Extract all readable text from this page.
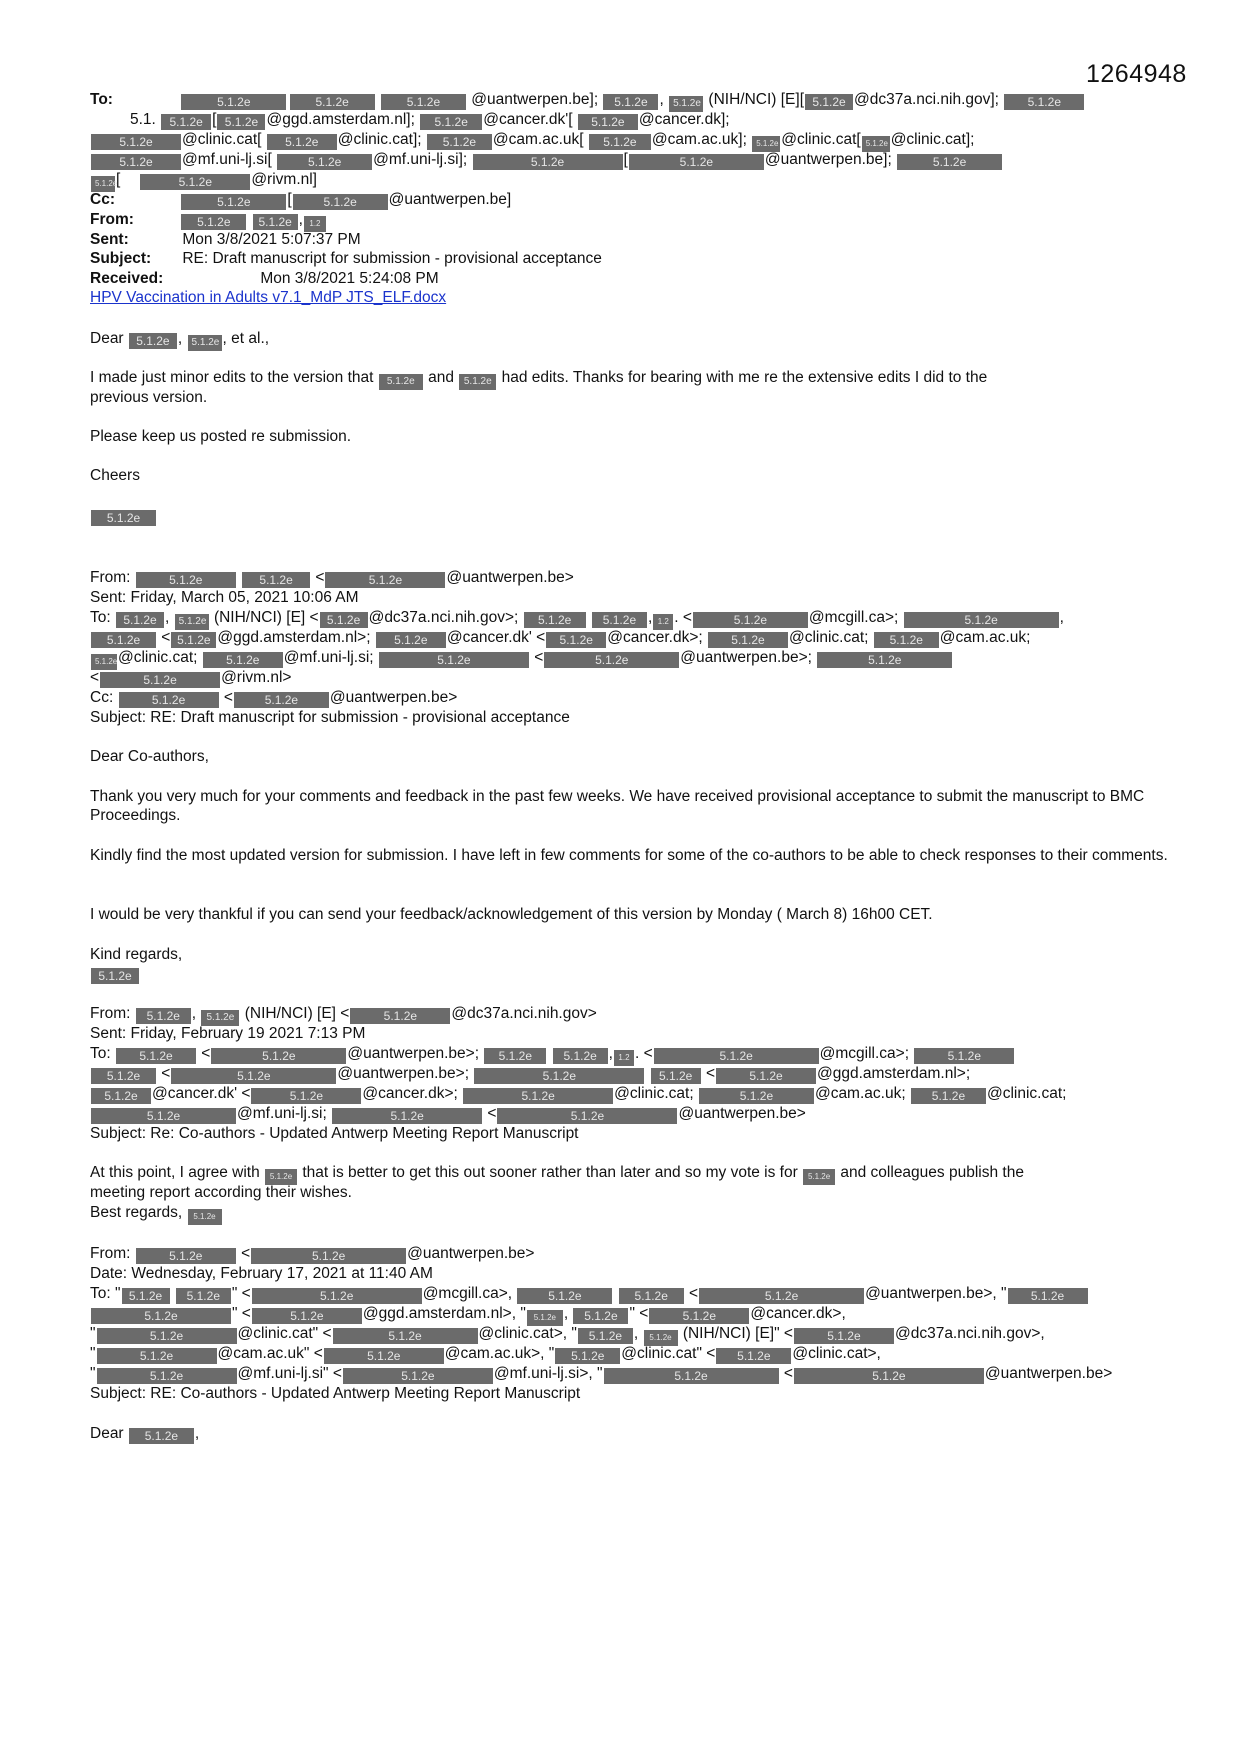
1264948
To:	5.1.2e	5.1.2e	5.1.2e @uantwerpen.be]; 5.1.2e , 5.1.2e (NIH/NCI) [E][ 5.1.2e @dc37a.nci.nih.gov]; 5.1.2e
5.1. 5.1.2e [ 5.1.2e @ggd.amsterdam.nl]; 5.1.2e @cancer.dk'[ 5.1.2e @cancer.dk];
5.1.2e @clinic.cat[ 5.1.2e @clinic.cat]; 5.1.2e @cam.ac.uk[ 5.1.2e @cam.ac.uk]; 5.1.2e @clinic.cat[ 5.1.2e @clinic.cat];
5.1.2e @mf.uni-lj.si[	5.1.2e @mf.uni-lj.si];	5.1.2e	[	5.1.2e	@uantwerpen.be];	5.1.2e
5.1.2e[	5.1.2e	@rivm.nl]
Cc:	5.1.2e [	5.1.2e @uantwerpen.be]
From:	5.1.2e 5.1.2e , 1.2
Sent:	Mon 3/8/2021 5:07:37 PM
Subject: RE: Draft manuscript for submission - provisional acceptance
Received:	Mon 3/8/2021 5:24:08 PM
HPV Vaccination in Adults v7.1_MdP JTS_ELF.docx
Dear 5.1.2e , 5.1.2e , et al.,
I made just minor edits to the version that 5.1.2e and 5.1.2e had edits. Thanks for bearing with me re the extensive edits I did to the
previous version.
Please keep us posted re submission.
Cheers
5.1.2e
From:	5.1.2e	5.1.2e <	5.1.2e	@uantwerpen.be>
Sent: Friday, March 05, 2021 10:06 AM
To: 5.1.2e , 5.1.2e (NIH/NCI) [E] < 5.1.2e @dc37a.nci.nih.gov>; 5.1.2e	5.1.2e , 1.2 . <	5.1.2e	@mcgill.ca>;	5.1.2e	,
5.1.2e < 5.1.2e @ggd.amsterdam.nl>; 5.1.2e @cancer.dk' < 5.1.2e @cancer.dk>; 5.1.2e @clinic.cat; 5.1.2e @cam.ac.uk;
5.1.2e@clinic.cat; 5.1.2e @mf.uni-lj.si;	5.1.2e	<	5.1.2e	@uantwerpen.be>;	5.1.2e
<	5.1.2e	@rivm.nl>
Cc:	5.1.2e <	5.1.2e @uantwerpen.be>
Subject: RE: Draft manuscript for submission - provisional acceptance
Dear Co-authors,
Thank you very much for your comments and feedback in the past few weeks. We have received provisional acceptance to submit the manuscript to BMC Proceedings.
Kindly find the most updated version for submission. I have left in few comments for some of the co-authors to be able to check responses to their comments.
I would be very thankful if you can send your feedback/acknowledgement of this version by Monday ( March 8) 16h00 CET.
Kind regards,
5.1.2e
From: 5.1.2e , 5.1.2e (NIH/NCI) [E] <	5.1.2e @dc37a.nci.nih.gov>
Sent: Friday, February 19 2021 7:13 PM
To: 5.1.2e <	5.1.2e	@uantwerpen.be>; 5.1.2e	5.1.2e , 1.2 . <	5.1.2e	@mcgill.ca>;	5.1.2e
5.1.2e <	5.1.2e	@uantwerpen.be>;	5.1.2e	5.1.2e <	5.1.2e @ggd.amsterdam.nl>;
5.1.2e @cancer.dk' <	5.1.2e	@cancer.dk>;	5.1.2e	@clinic.cat;	5.1.2e	@cam.ac.uk; 5.1.2e @clinic.cat;
5.1.2e	@mf.uni-lj.si;	5.1.2e	<	5.1.2e	@uantwerpen.be>
Subject: Re: Co-authors - Updated Antwerp Meeting Report Manuscript
At this point, I agree with 5.1.2e that is better to get this out sooner rather than later and so my vote is for 5.1.2e and colleagues publish the
meeting report according their wishes.
Best regards, 5.1.2e
From:	5.1.2e <	5.1.2e	@uantwerpen.be>
Date: Wednesday, February 17, 2021 at 11:40 AM
To: " 5.1.2e 5.1.2e " <	5.1.2e	@mcgill.ca>,	5.1.2e	5.1.2e <	5.1.2e	@uantwerpen.be>, " 5.1.2e
5.1.2e	" <	5.1.2e	@ggd.amsterdam.nl>, " 5.1.2e , 5.1.2e " <	5.1.2e @cancer.dk>,
"	5.1.2e	@clinic.cat" <	5.1.2e	@clinic.cat>, " 5.1.2e , 5.1.2e (NIH/NCI) [E]" <	5.1.2e @dc37a.nci.nih.gov>,
"	5.1.2e	@cam.ac.uk" <	5.1.2e	@cam.ac.uk>, " 5.1.2e @clinic.cat" < 5.1.2e @clinic.cat>,
"	5.1.2e	@mf.uni-lj.si" <	5.1.2e	@mf.uni-lj.si>, "	5.1.2e	<	5.1.2e	@uantwerpen.be>
Subject: RE: Co-authors - Updated Antwerp Meeting Report Manuscript
Dear 5.1.2e ,
